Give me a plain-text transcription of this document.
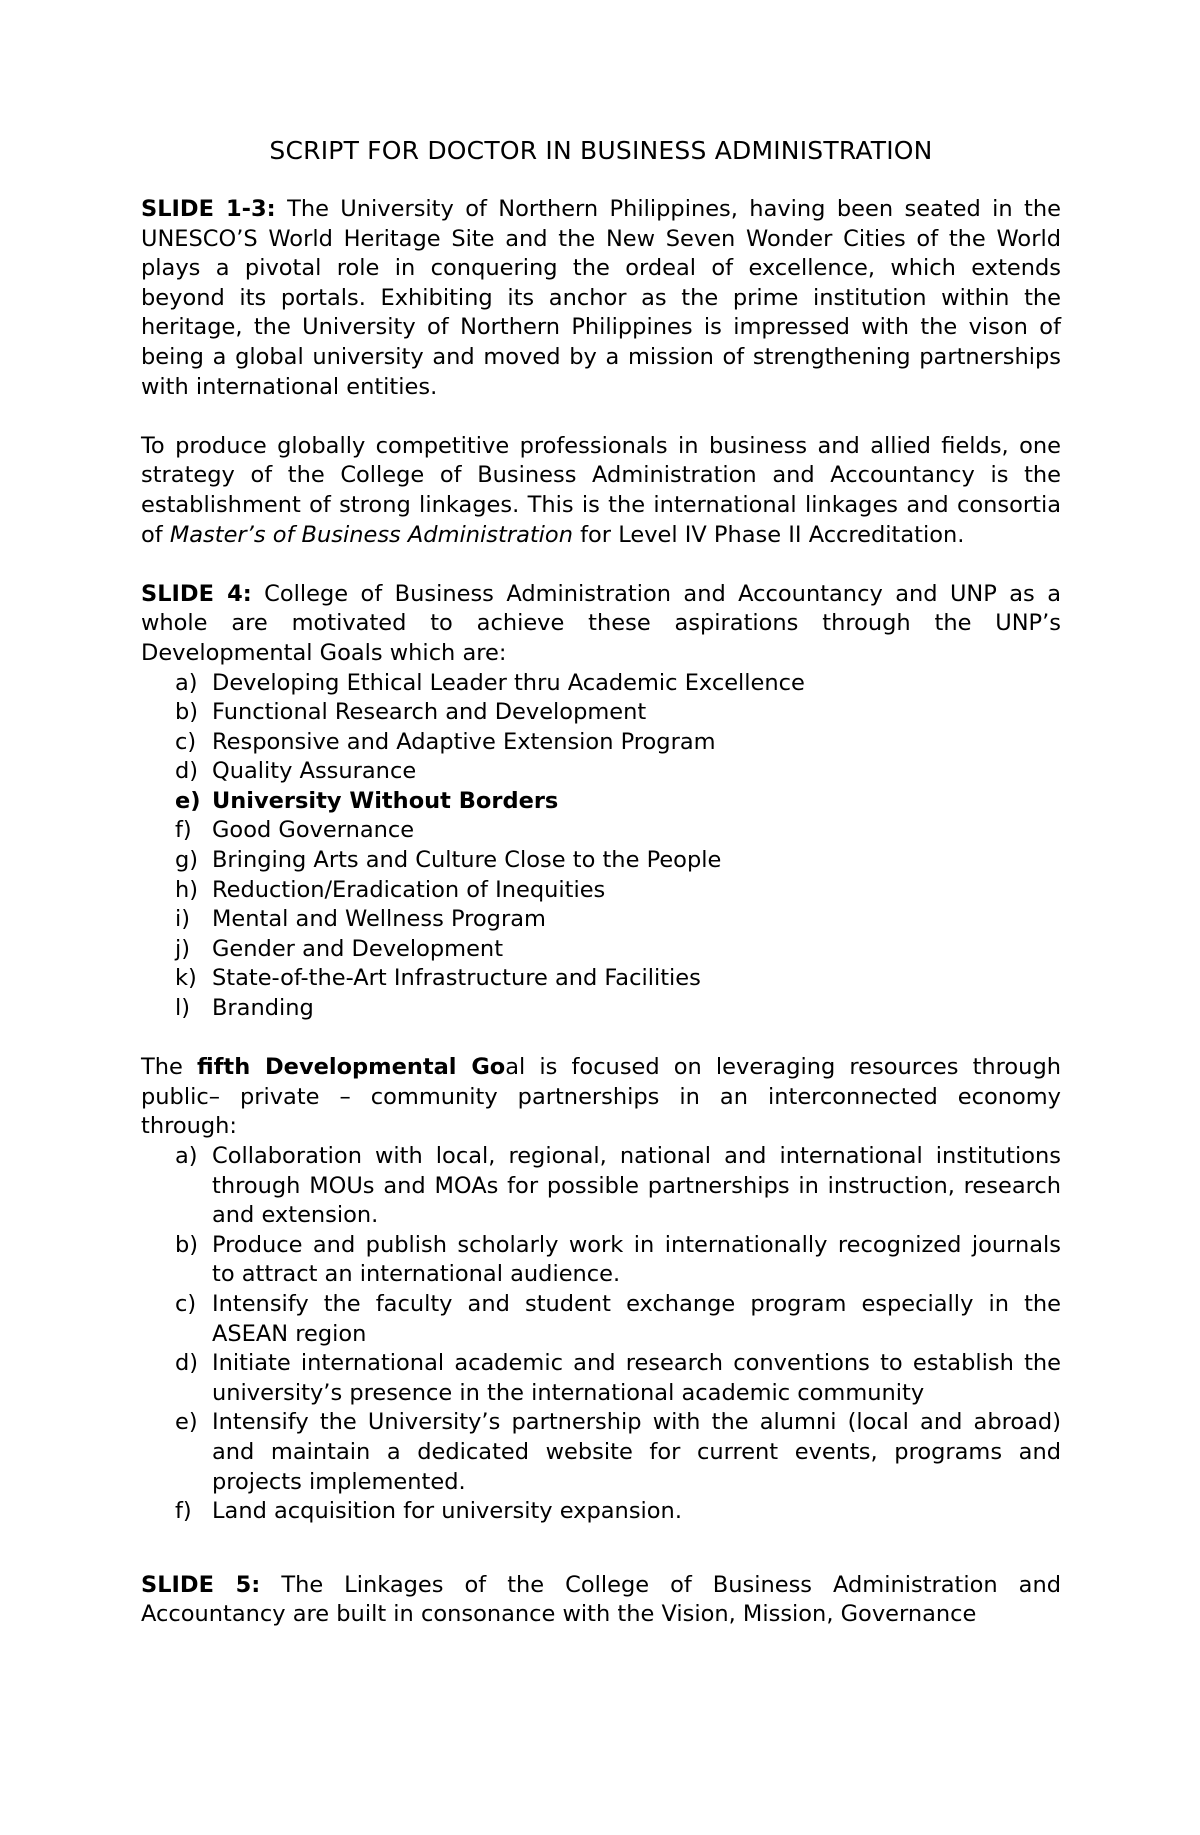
SCRIPT FOR DOCTOR IN BUSINESS ADMINISTRATION

SLIDE 1-3: The University of Northern Philippines, having been seated in the UNESCO’S World Heritage Site and the New Seven Wonder Cities of the World plays a pivotal role in conquering the ordeal of excellence, which extends beyond its portals. Exhibiting its anchor as the prime institution within the heritage, the University of Northern Philippines is impressed with the vison of being a global university and moved by a mission of strengthening partnerships with international entities.

To produce globally competitive professionals in business and allied fields, one strategy of the College of Business Administration and Accountancy is the establishment of strong linkages. This is the international linkages and consortia of Master’s of Business Administration for Level IV Phase II Accreditation.

SLIDE 4: College of Business Administration and Accountancy and UNP as a whole are motivated to achieve these aspirations through the UNP’s Developmental Goals which are:

a) Developing Ethical Leader thru Academic Excellence
b) Functional Research and Development
c) Responsive and Adaptive Extension Program
d) Quality Assurance
e) University Without Borders
f) Good Governance
g) Bringing Arts and Culture Close to the People
h) Reduction/Eradication of Inequities
i) Mental and Wellness Program
j) Gender and Development
k) State-of-the-Art Infrastructure and Facilities
l) Branding

The fifth Developmental Goal is focused on leveraging resources through public– private – community partnerships in an interconnected economy through:

a) Collaboration with local, regional, national and international institutions through MOUs and MOAs for possible partnerships in instruction, research and extension.
b) Produce and publish scholarly work in internationally recognized journals to attract an international audience.
c) Intensify the faculty and student exchange program especially in the ASEAN region
d) Initiate international academic and research conventions to establish the university’s presence in the international academic community
e) Intensify the University’s partnership with the alumni (local and abroad) and maintain a dedicated website for current events, programs and projects implemented.
f) Land acquisition for university expansion.

SLIDE 5: The Linkages of the College of Business Administration and Accountancy are built in consonance with the Vision, Mission, Governance
